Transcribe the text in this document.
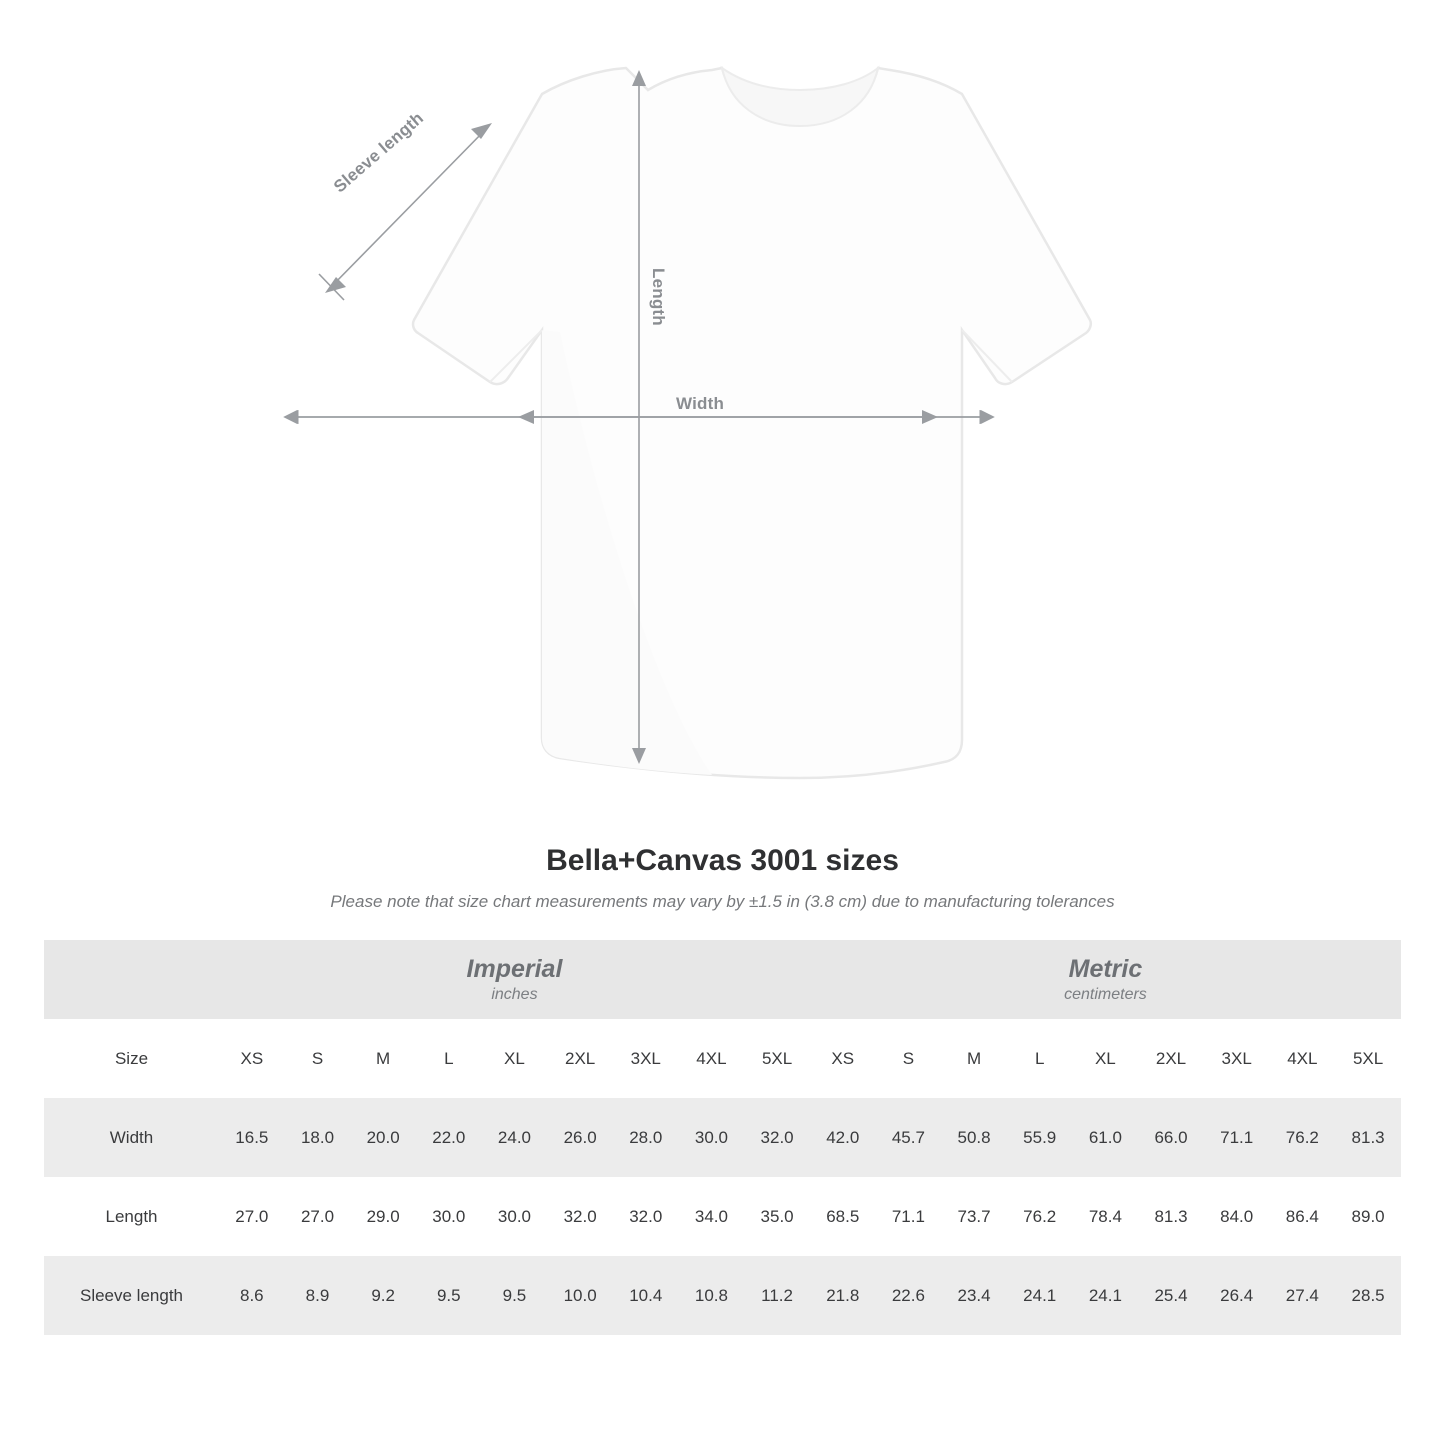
Sleeve length
Length
Width
Bella+Canvas 3001 sizes

Please note that size chart measurements may vary by ±1.5 in (3.8 cm) due to manufacturing tolerances

	Imperial
inches									Metric
centimeters								

Size	XS	S	M	L	XL	2XL	3XL	4XL	5XL	XS	S	M	L	XL	2XL	3XL	4XL	5XL
Width	16.5	18.0	20.0	22.0	24.0	26.0	28.0	30.0	32.0	42.0	45.7	50.8	55.9	61.0	66.0	71.1	76.2	81.3
Length	27.0	27.0	29.0	30.0	30.0	32.0	32.0	34.0	35.0	68.5	71.1	73.7	76.2	78.4	81.3	84.0	86.4	89.0
Sleeve length	8.6	8.9	9.2	9.5	9.5	10.0	10.4	10.8	11.2	21.8	22.6	23.4	24.1	24.1	25.4	26.4	27.4	28.5
